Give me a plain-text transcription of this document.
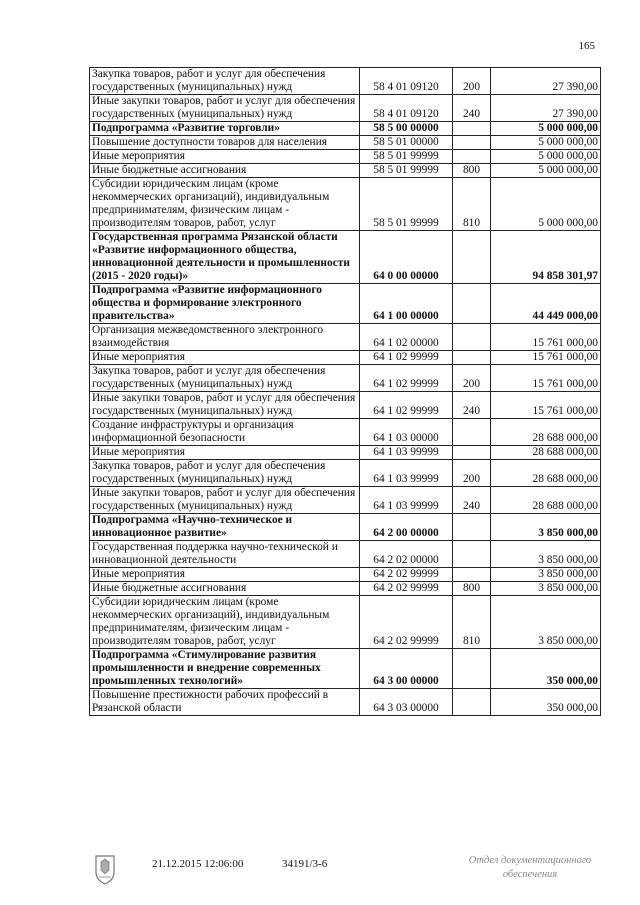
165
Закупка товаров, работ и услуг для обеспечения государственных (муниципальных) нужд	58 4 01 09120	200	27 390,00
Иные закупки товаров, работ и услуг для обеспечения государственных (муниципальных) нужд	58 4 01 09120	240	27 390,00
Подпрограмма «Развитие торговли»	58 5 00 00000		5 000 000,00
Повышение доступности товаров для населения	58 5 01 00000		5 000 000,00
Иные мероприятия	58 5 01 99999		5 000 000,00
Иные бюджетные ассигнования	58 5 01 99999	800	5 000 000,00
Субсидии юридическим лицам (кроме некоммерческих организаций), индивидуальным предпринимателям, физическим лицам - производителям товаров, работ, услуг	58 5 01 99999	810	5 000 000,00
Государственная программа Рязанской области «Развитие информационного общества, инновационной деятельности и промышленности (2015 - 2020 годы)»	64 0 00 00000		94 858 301,97
Подпрограмма «Развитие информационного общества и формирование электронного правительства»	64 1 00 00000		44 449 000,00
Организация межведомственного электронного взаимодействия	64 1 02 00000		15 761 000,00
Иные мероприятия	64 1 02 99999		15 761 000,00
Закупка товаров, работ и услуг для обеспечения государственных (муниципальных) нужд	64 1 02 99999	200	15 761 000,00
Иные закупки товаров, работ и услуг для обеспечения государственных (муниципальных) нужд	64 1 02 99999	240	15 761 000,00
Создание инфраструктуры и организация информационной безопасности	64 1 03 00000		28 688 000,00
Иные мероприятия	64 1 03 99999		28 688 000,00
Закупка товаров, работ и услуг для обеспечения государственных (муниципальных) нужд	64 1 03 99999	200	28 688 000,00
Иные закупки товаров, работ и услуг для обеспечения государственных (муниципальных) нужд	64 1 03 99999	240	28 688 000,00
Подпрограмма «Научно-техническое и инновационное развитие»	64 2 00 00000		3 850 000,00
Государственная поддержка научно-технической и инновационной деятельности	64 2 02 00000		3 850 000,00
Иные мероприятия	64 2 02 99999		3 850 000,00
Иные бюджетные ассигнования	64 2 02 99999	800	3 850 000,00
Субсидии юридическим лицам (кроме некоммерческих организаций), индивидуальным предпринимателям, физическим лицам - производителям товаров, работ, услуг	64 2 02 99999	810	3 850 000,00
Подпрограмма «Стимулирование развития промышленности и внедрение современных промышленных технологий»	64 3 00 00000		350 000,00
Повышение престижности рабочих профессий в Рязанской области	64 3 03 00000		350 000,00
21.12.2015 12:06:00	34191/3-6	Отдел документационного
обеспечения
